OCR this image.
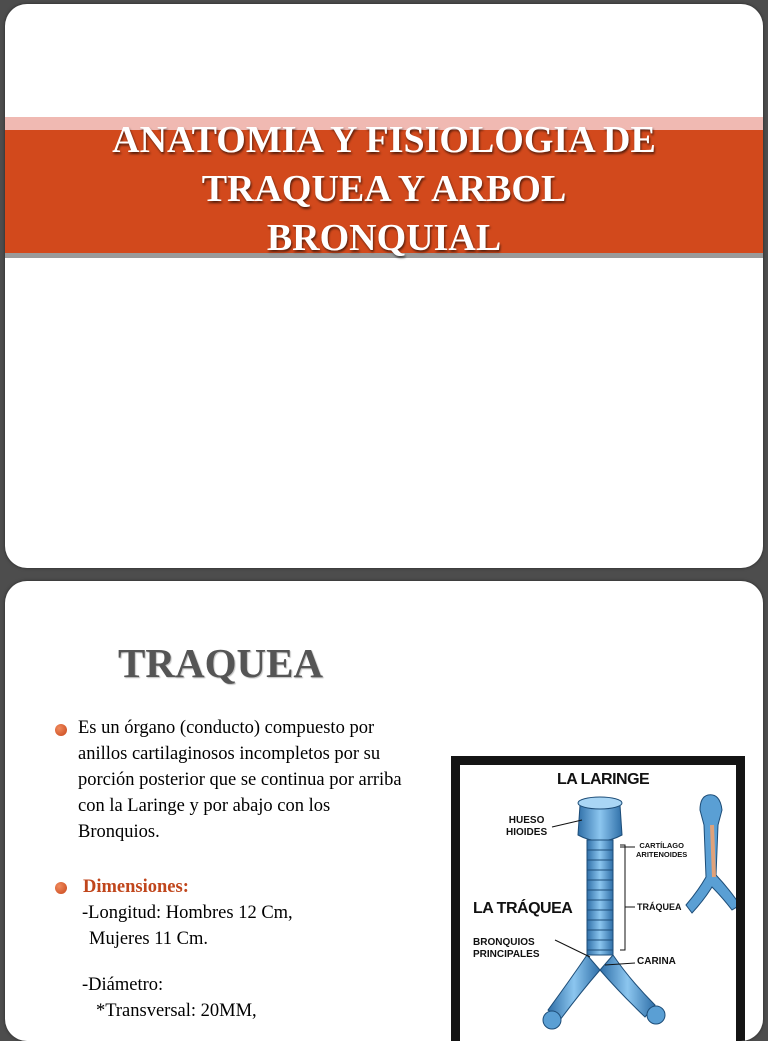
ANATOMIA Y FISIOLOGIA DE
TRAQUEA Y ARBOL
BRONQUIAL
TRAQUEA
Es un órgano (conducto) compuesto por
anillos cartilaginosos incompletos por su
porción posterior que se continua por arriba
con la Laringe y por abajo con los
Bronquios.
Dimensiones:
-Longitud: Hombres 12 Cm,
Mujeres 11 Cm.
-Diámetro:
*Transversal: 20MM,
LA LARINGE
HUESO
HIOIDES
CARTÍLAGO
ARITENOIDES
LA TRÁQUEA	TRÁQUEA
BRONQUIOS
PRINCIPALES
CARINA
